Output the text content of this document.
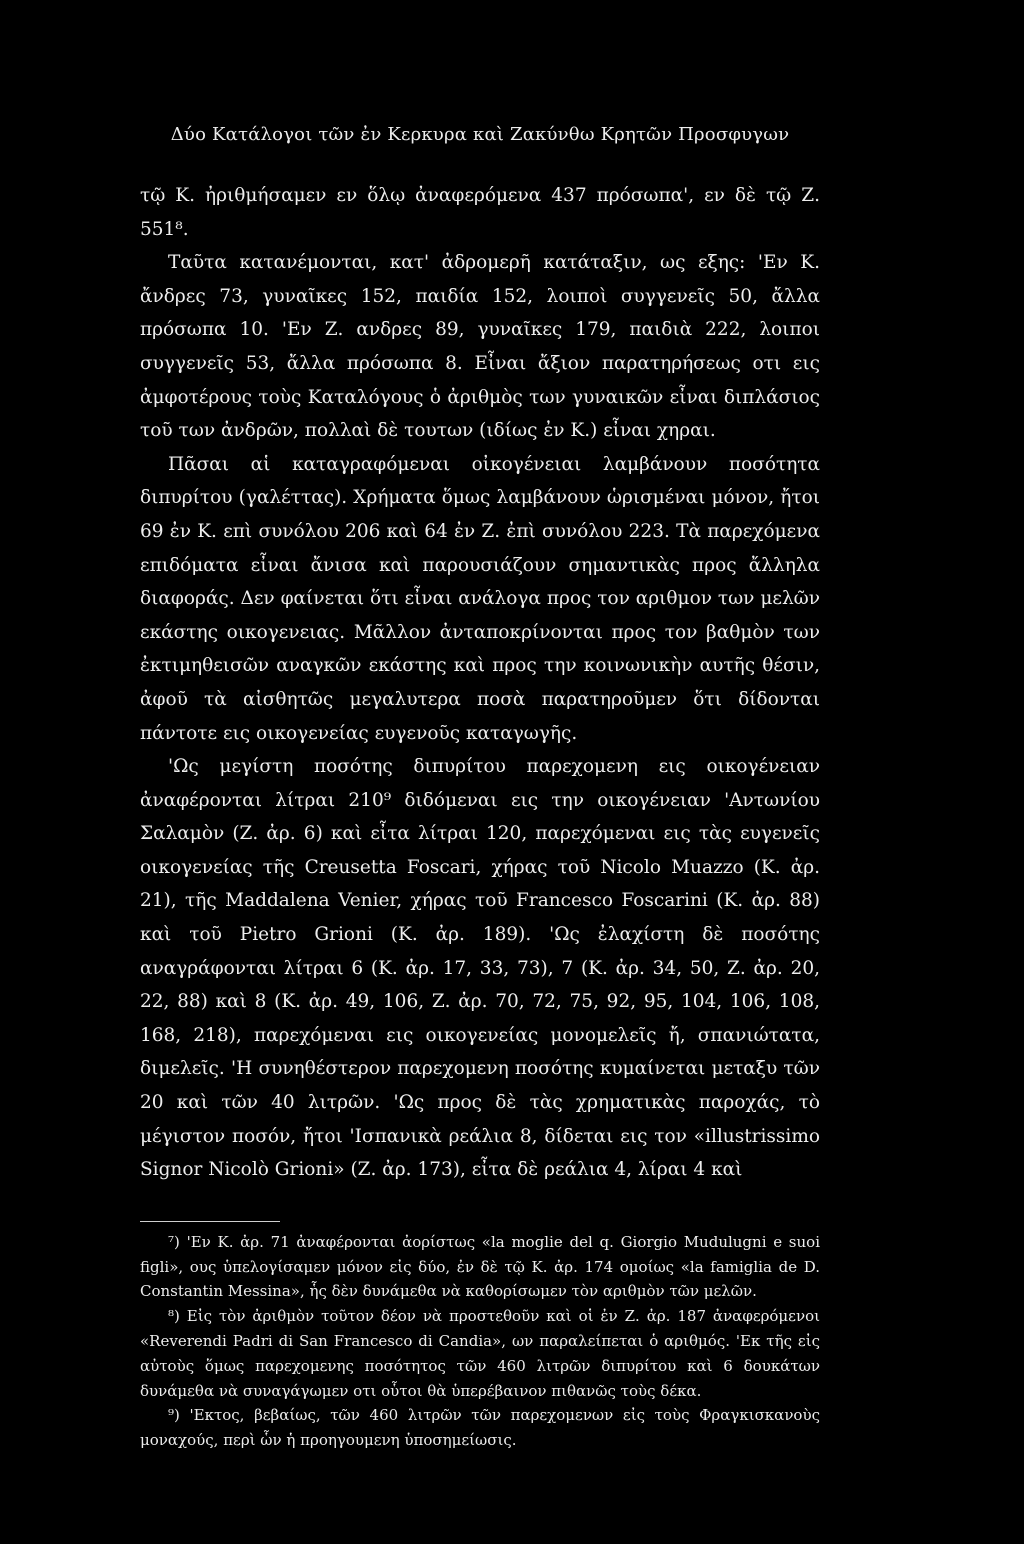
Δύο Κατάλογοι τῶν ἐν Κερκυρα καὶ Ζακύνθω Κρητῶν Προσφυγων

τῷ Κ. ἠριθμήσαμεν εν ὅλῳ ἀναφερόμενα 437 πρόσωπα', εν δὲ τῷ Ζ. 551⁸.

Ταῦτα κατανέμονται, κατ' ἀδρομερῆ κατάταξιν, ως εξης: 'Εν Κ. ἄνδρες 73, γυναῖκες 152, παιδία 152, λοιποὶ συγγενεῖς 50, ἄλλα πρόσωπα 10. 'Εν Ζ. ανδρες 89, γυναῖκες 179, παιδιὰ 222, λοιποι συγγενεῖς 53, ἄλλα πρόσωπα 8. Εἶναι ἄξιον παρατηρήσεως οτι εις ἀμφοτέρους τοὺς Καταλόγους ὁ ἀριθμὸς των γυναικῶν εἶναι διπλάσιος τοῦ των ἀνδρῶν, πολλαὶ δὲ τουτων (ιδίως ἐν Κ.) εἶναι χηραι.

Πᾶσαι αἱ καταγραφόμεναι οἰκογένειαι λαμβάνουν ποσότητα διπυρίτου (γαλέττας). Χρήματα ὅμως λαμβάνουν ὡρισμέναι μόνον, ἤτοι 69 ἐν Κ. επὶ συνόλου 206 καὶ 64 ἐν Ζ. ἐπὶ συνόλου 223. Τὰ παρεχόμενα επιδόματα εἶναι ἄνισα καὶ παρουσιάζουν σημαντικὰς προς ἄλληλα διαφοράς. Δεν φαίνεται ὅτι εἶναι ανάλογα προς τον αριθμον των μελῶν εκάστης οικογενειας. Μᾶλλον ἀνταποκρίνονται προς τον βαθμὸν των ἐκτιμηθεισῶν αναγκῶν εκάστης καὶ προς την κοινωνικὴν αυτῆς θέσιν, ἀφοῦ τὰ αἰσθητῶς μεγαλυτερα ποσὰ παρατηροῦμεν ὅτι δίδονται πάντοτε εις οικογενείας ευγενοῦς καταγωγῆς.

'Ως μεγίστη ποσότης διπυρίτου παρεχομενη εις οικογένειαν ἀναφέρονται λίτραι 210⁹ διδόμεναι εις την οικογένειαν 'Αντωνίου Σαλαμὸν (Ζ. ἀρ. 6) καὶ εἶτα λίτραι 120, παρεχόμεναι εις τὰς ευγενεῖς οικογενείας τῆς Creusetta Foscari, χήρας τοῦ Nicolo Muazzo (Κ. ἀρ. 21), τῆς Maddalena Venier, χήρας τοῦ Francesco Foscarini (Κ. ἀρ. 88) καὶ τοῦ Pietro Grioni (Κ. ἀρ. 189). 'Ως ἐλαχίστη δὲ ποσότης αναγράφονται λίτραι 6 (Κ. ἀρ. 17, 33, 73), 7 (Κ. ἀρ. 34, 50, Ζ. ἀρ. 20, 22, 88) καὶ 8 (Κ. ἀρ. 49, 106, Ζ. ἀρ. 70, 72, 75, 92, 95, 104, 106, 108, 168, 218), παρεχόμεναι εις οικογενείας μονομελεῖς ἤ, σπανιώτατα, διμελεῖς. 'Η συνηθέστερον παρεχομενη ποσότης κυμαίνεται μεταξυ τῶν 20 καὶ τῶν 40 λιτρῶν. 'Ως προς δὲ τὰς χρηματικὰς παροχάς, τὸ μέγιστον ποσόν, ἤτοι 'Ισπανικὰ ρεάλια 8, δίδεται εις τον «illustrissimo Signor Nicolò Grioni» (Ζ. ἀρ. 173), εἶτα δὲ ρεάλια 4, λίραι 4 καὶ

⁷) 'Εν Κ. ἀρ. 71 ἀναφέρονται ἀορίστως «la moglie del q. Giorgio Mudulugni e suoi figli», ους ὑπελογίσαμεν μόνον εἰς δύο, ἐν δὲ τῷ Κ. ἀρ. 174 ομοίως «la famiglia de D. Constantin Messina», ἧς δὲν δυνάμεθα νὰ καθορίσωμεν τὸν αριθμὸν τῶν μελῶν.

⁸) Εἰς τὸν ἀριθμὸν τοῦτον δέον νὰ προστεθοῦν καὶ οἱ ἐν Ζ. ἀρ. 187 ἀναφερόμενοι «Reverendi Padri di San Francesco di Candia», ων παραλείπεται ὁ αριθμός. 'Εκ τῆς εἰς αὐτοὺς ὅμως παρεχομενης ποσότητος τῶν 460 λιτρῶν διπυρίτου καὶ 6 δουκάτων δυνάμεθα νὰ συναγάγωμεν οτι οὗτοι θὰ ὑπερέβαινον πιθανῶς τοὺς δέκα.

⁹) 'Εκτος, βεβαίως, τῶν 460 λιτρῶν τῶν παρεχομενων εἰς τοὺς Φραγκισκανοὺς μοναχούς, περὶ ὧν ἡ προηγουμενη ὑποσημείωσις.
